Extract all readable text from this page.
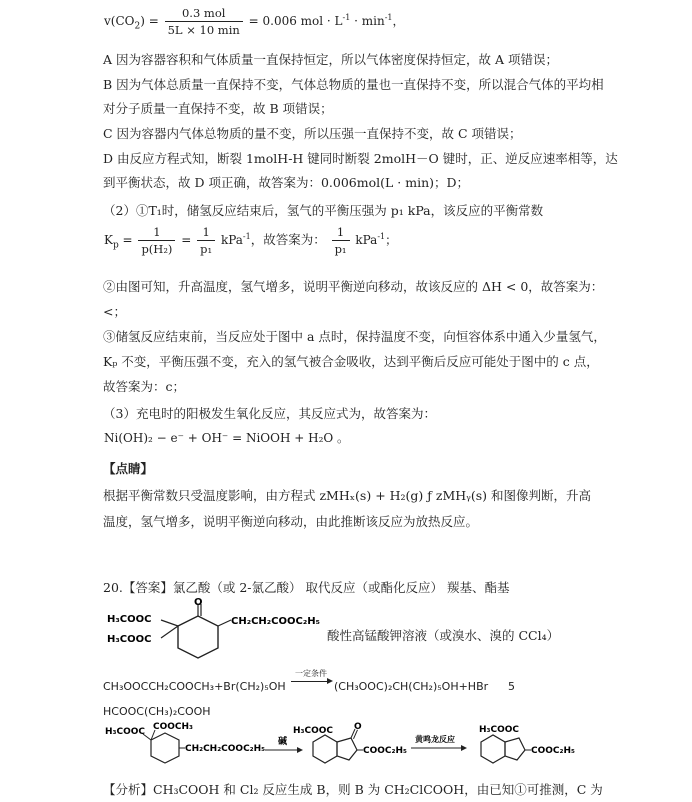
$v(CO_2) = \frac{\text{0.3 mol}}{5L \times 10 \min} = 0.006$ mol · $L^{-1} \cdot \min^{-1}$，
A 因为容器容积和气体质量一直保持恒定，所以气体密度保持恒定，故 A 项错误；
B 因为气体总质量一直保持不变，气体总物质的量也一直保持不变，所以混合气体的平均相
对分子质量一直保持不变，故 B 项错误；
C 因为容器内气体总物质的量不变，所以压强一直保持不变，故 C 项错误；
D 由反应方程式知，断裂 1molH-H 键同时断裂 2molH－O 键时，正、逆反应速率相等，达
到平衡状态，故 D 项正确，故答案为：0.006mol(L · min)；D；
（2）①T₁时，储氢反应结束后，氢气的平衡压强为 p₁ kPa，该反应的平衡常数
$K_p = \frac{1}{\text{p(H₂)}} = \frac{1}{\text{p₁}} kPa^{-1}$，故答案为： $\frac{1}{\text{p₁}} kPa^{-1}$；
②由图可知，升高温度，氢气增多，说明平衡逆向移动，故该反应的 ΔH < 0，故答案为：
<；
③储氢反应结束前，当反应处于图中 a 点时，保持温度不变，向恒容体系中通入少量氢气，
Kₚ 不变，平衡压强不变，充入的氢气被合金吸收，达到平衡后反应可能处于图中的 c 点，
故答案为：c；
（3）充电时的阳极发生氧化反应，其反应式为，故答案为：
Ni(OH)₂ − e⁻ + OH⁻ = NiOOH + H₂O 。
【点睛】
根据平衡常数只受温度影响，由方程式 zMHₓ(s) + H₂(g) ƒ zMHᵧ(s) 和图像判断，升高
温度，氢气增多，说明平衡逆向移动，由此推断该反应为放热反应。
20.【答案】氯乙酸（或 2-氯乙酸） 取代反应（或酯化反应） 羰基、酯基
O
H₃COOC
H₃COOC
CH₂CH₂COOC₂H₅
酸性高锰酸钾溶液（或溴水、溴的 CCl₄）
CH₃OOCCH₂COOCH₃+Br(CH₂)₅OH
一定条件
(CH₃OOC)₂CH(CH₂)₅OH+HBr 5
HCOOC(CH₃)₂COOH
H₃COOC COOCH₃
CH₂CH₂COOC₂H₅
碱
O
H₃COOC
COOC₂H₅
黄鸣龙反应
H₃COOC
COOC₂H₅
【分析】CH₃COOH 和 Cl₂ 反应生成 B，则 B 为 CH₂ClCOOH，由已知①可推测，C 为
